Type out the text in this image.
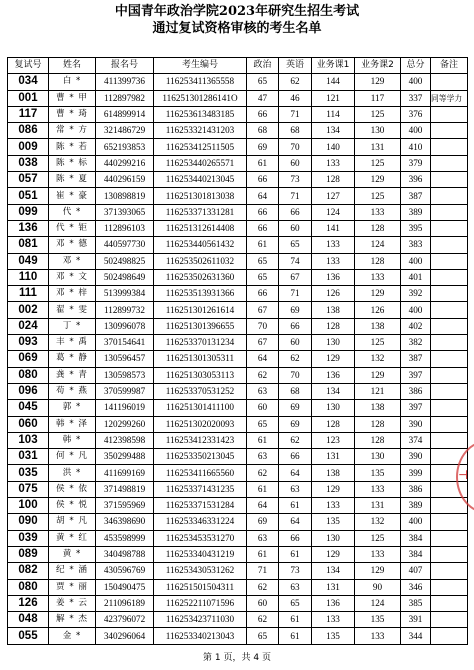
中国青年政治学院2023年研究生招生考试
通过复试资格审核的考生名单
复试号	姓名	报名号	考生编号	政治	英语	业务课1	业务课2	总分	备注
034	白 *	411399736	116253411365558	65	62	144	129	400	
001	曹 * 甲	112897982	116251301286141O	47	46	121	117	337	同等学力
117	曹 * 琦	614899914	116253613483185	66	71	114	125	376	
086	常 * 方	321486729	116253321431203	68	68	134	130	400	
009	陈 * 若	652193853	116253412511505	69	70	140	131	410	
038	陈 * 标	440299216	116253440265571	61	60	133	125	379	
057	陈 * 夏	440296159	116253440213045	66	73	128	129	396	
051	崔 * 豪	130898819	116251301813038	64	71	127	125	387	
099	代 *	371393065	116253371331281	66	66	124	133	389	
136	代 * 钜	112896103	116251312614408	66	60	141	128	395	
081	邓 * 德	440597730	116253440561432	61	65	133	124	383	
049	邓 *	502498825	116253502611032	65	74	133	128	400	
110	邓 * 文	502498649	116253502631360	65	67	136	133	401	
111	邓 * 梓	513999384	116253513931366	66	71	126	129	392	
002	翟 * 雯	112899732	116251301261614	67	69	138	126	400	
024	丁 *	130996078	116251301396655	70	66	128	138	402	
093	丰 * 禹	370154641	116253370131234	67	60	130	125	382	
069	葛 * 静	130596457	116251301305311	64	62	129	132	387	
080	龚 * 青	130598573	116251303053113	62	70	136	129	397	
096	苟 * 燕	370599987	116253370531252	63	68	134	121	386	
045	郭 *	141196019	116251301411100	60	69	130	138	397	
060	韩 * 泽	120299260	116251302020093	65	69	128	128	390	
103	韩 *	412398598	116253412331423	61	62	123	128	374	
031	何 * 凡	350299488	116253350213045	63	66	131	130	390	
035	洪 *	411699169	116253411665560	62	64	138	135	399	
075	侯 * 依	371498819	116253371431235	61	63	129	133	386	
100	侯 * 悦	371595969	116253371531284	64	61	133	131	389	
090	胡 * 凡	346398690	116253346331224	69	64	135	132	400	
039	黄 * 红	453598999	116253453531270	63	66	130	125	384	
089	黄 *	340498788	116253340431219	61	61	129	133	384	
082	纪 * 涵	430596769	116253430531262	71	73	134	129	407	
080	贾 * 丽	150490475	116251501504311	62	63	131	90	346	
126	姜 * 云	211096189	116252211071596	60	65	136	124	385	
048	解 * 杰	423796072	116253423711030	62	61	133	135	391	
055	金 *	340296064	116253340213043	65	61	135	133	344	
第 1 页，共 4 页
⊣
